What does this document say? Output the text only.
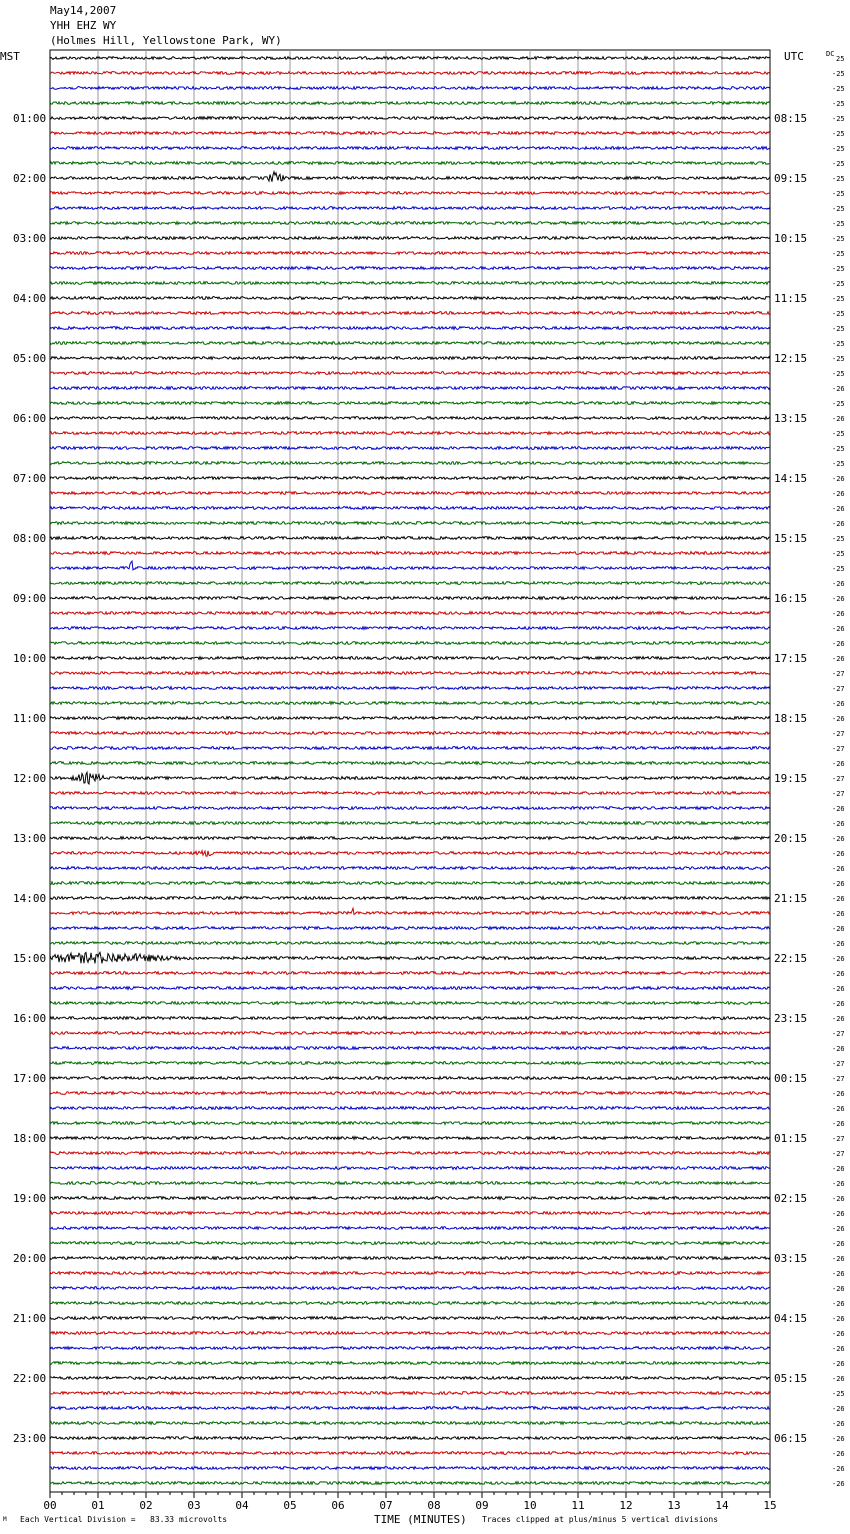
May14,2007
YHH EHZ WY
(Holmes Hill, Yellowstone Park, WY)
01:00
02:00
03:00
04:00
05:00
06:00
07:00
08:00
09:00
10:00
11:00
12:00
13:00
14:00
15:00
16:00
17:00
18:00
19:00
20:00
21:00
22:00
23:00
08:15
09:15
10:15
11:15
12:15
13:15
14:15
15:15
16:15
17:15
18:15
19:15
20:15
21:15
22:15
23:15
00:15
01:15
02:15
03:15
04:15
05:15
06:15
25
-25
-25
-25
-25
-25
-25
-25
-25
-25
-25
-25
-25
-25
-25
-25
-25
-25
-25
-25
-25
-25
-26
-25
-26
-25
-25
-25
-26
-26
-26
-26
-25
-25
-25
-26
-26
-26
-26
-26
-26
-27
-27
-26
-26
-27
-27
-26
-27
-27
-26
-26
-26
-26
-26
-26
-26
-26
-26
-26
-26
-26
-26
-26
-26
-27
-26
-27
-27
-26
-26
-26
-27
-27
-26
-26
-26
-26
-26
-26
-26
-26
-26
-26
-26
-26
-26
-26
-26
-25
-26
-26
-26
-26
-26
-26
00	01	02	03	04	05	06	07	08	09	10	11	12	13	14	15
MST	UTC	DC
TIME (MINUTES)
M Each Vertical Division =   83.33 microvolts	Traces clipped at plus/minus 5 vertical divisions
